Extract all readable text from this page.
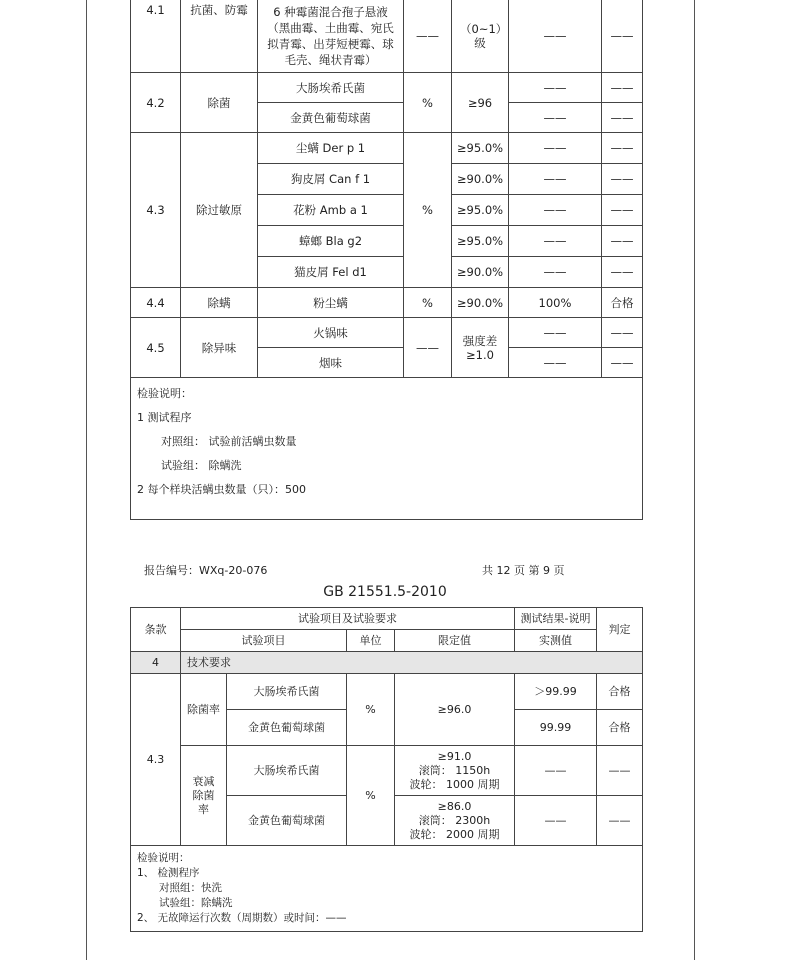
4.1	抗菌、防霉	6 种霉菌混合孢子悬液（黑曲霉、土曲霉、宛氏拟青霉、出芽短梗霉、球毛壳、绳状青霉）	——	（0~1）级	——	——
4.2	除菌	大肠埃希氏菌	%	≥96	——	——
		金黄色葡萄球菌			——	——
4.3	除过敏原	尘螨 Der p 1	%	≥95.0%	——	——
		狗皮屑 Can f 1		≥90.0%	——	——
		花粉 Amb a 1		≥95.0%	——	——
		蟑螂 Bla g2		≥95.0%	——	——
		猫皮屑 Fel d1		≥90.0%	——	——
4.4	除螨	粉尘螨	%	≥90.0%	100%	合格
4.5	除异味	火锅味	——	强度差≥1.0	——	——
		烟味			——	——

检验说明：
1 测试程序
对照组： 试验前活螨虫数量
试验组： 除螨洗
2 每个样块活螨虫数量（只）：500						
报告编号：WXq-20-076	共 12 页 第 9 页
GB 21551.5-2010
条款	试验项目及试验要求				测试结果-说明	判定
	试验项目		单位	限定值	实测值	
4	技术要求					
4.3	除菌率	大肠埃希氏菌	%	≥96.0	＞99.99	合格
		金黄色葡萄球菌			99.99	合格
	衰减除菌率	大肠埃希氏菌	%	≥91.0
滚筒： 1150h
波轮： 1000 周期	——	——
		金黄色葡萄球菌		≥86.0
滚筒： 2300h
波轮： 2000 周期	——	——

检验说明：
1、 检测程序
对照组：快洗
试验组：除螨洗
2、 无故障运行次数（周期数）或时间：——						
